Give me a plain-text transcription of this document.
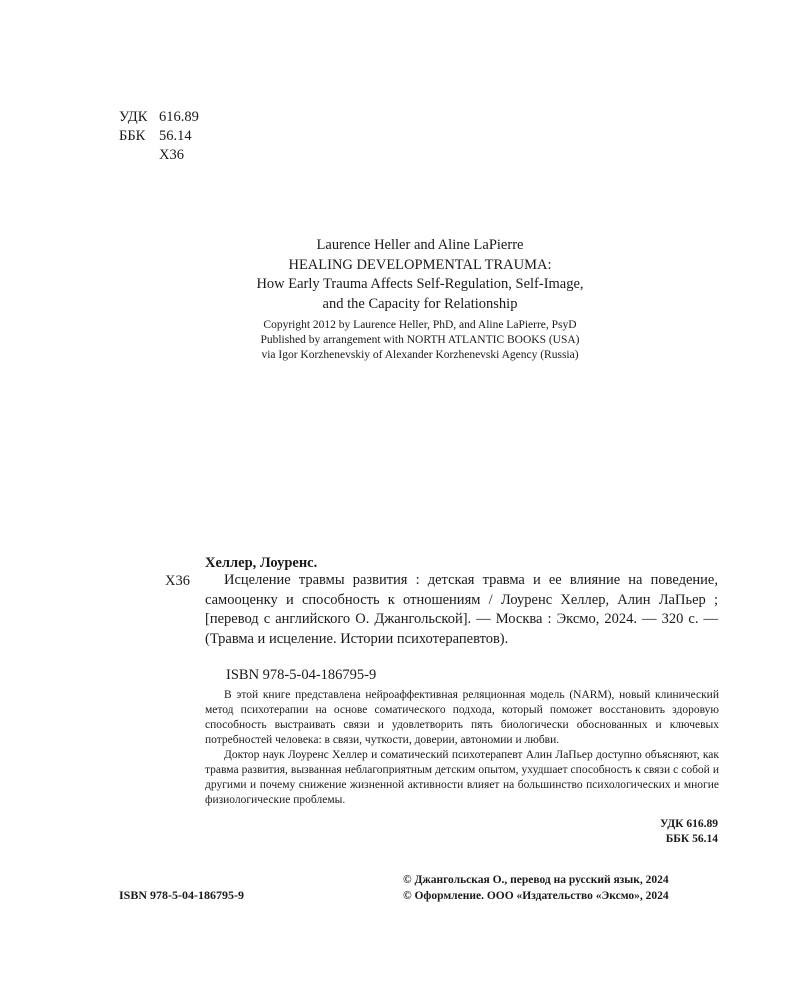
УДК 616.89
ББК 56.14
Х36
Laurence Heller and Aline LaPierre
HEALING DEVELOPMENTAL TRAUMA:
How Early Trauma Affects Self-Regulation, Self-Image,
and the Capacity for Relationship
Copyright 2012 by Laurence Heller, PhD, and Aline LaPierre, PsyD
Published by arrangement with NORTH ATLANTIC BOOKS (USA)
via Igor Korzhenevskiy of Alexander Korzhenevski Agency (Russia)
Хеллер, Лоуренс.
Х36	Исцеление травмы развития : детская травма и ее влияние на поведение, самооценку и способность к отношениям / Лоуренс Хеллер, Алин ЛаПьер ; [перевод с английского О. Джангольской]. — Москва : Эксмо, 2024. — 320 с. — (Травма и исцеление. Истории психотерапевтов).
ISBN 978-5-04-186795-9

В этой книге представлена нейроаффективная реляционная модель (NARM), новый клинический метод психотерапии на основе соматического подхода, который поможет восстановить здоровую способность выстраивать связи и удовлетворить пять биологически обоснованных и ключевых потребностей человека: в связи, чуткости, доверии, автономии и любви.

Доктор наук Лоуренс Хеллер и соматический психотерапевт Алин ЛаПьер доступно объясняют, как травма развития, вызванная неблагоприятным детским опытом, ухудшает способность к связи с собой и другими и почему снижение жизненной активности влияет на большинство психологических и многие физиологические проблемы.

УДК 616.89
ББК 56.14
ISBN 978-5-04-186795-9
© Джангольская О., перевод на русский язык, 2024
© Оформление. ООО «Издательство «Эксмо», 2024
